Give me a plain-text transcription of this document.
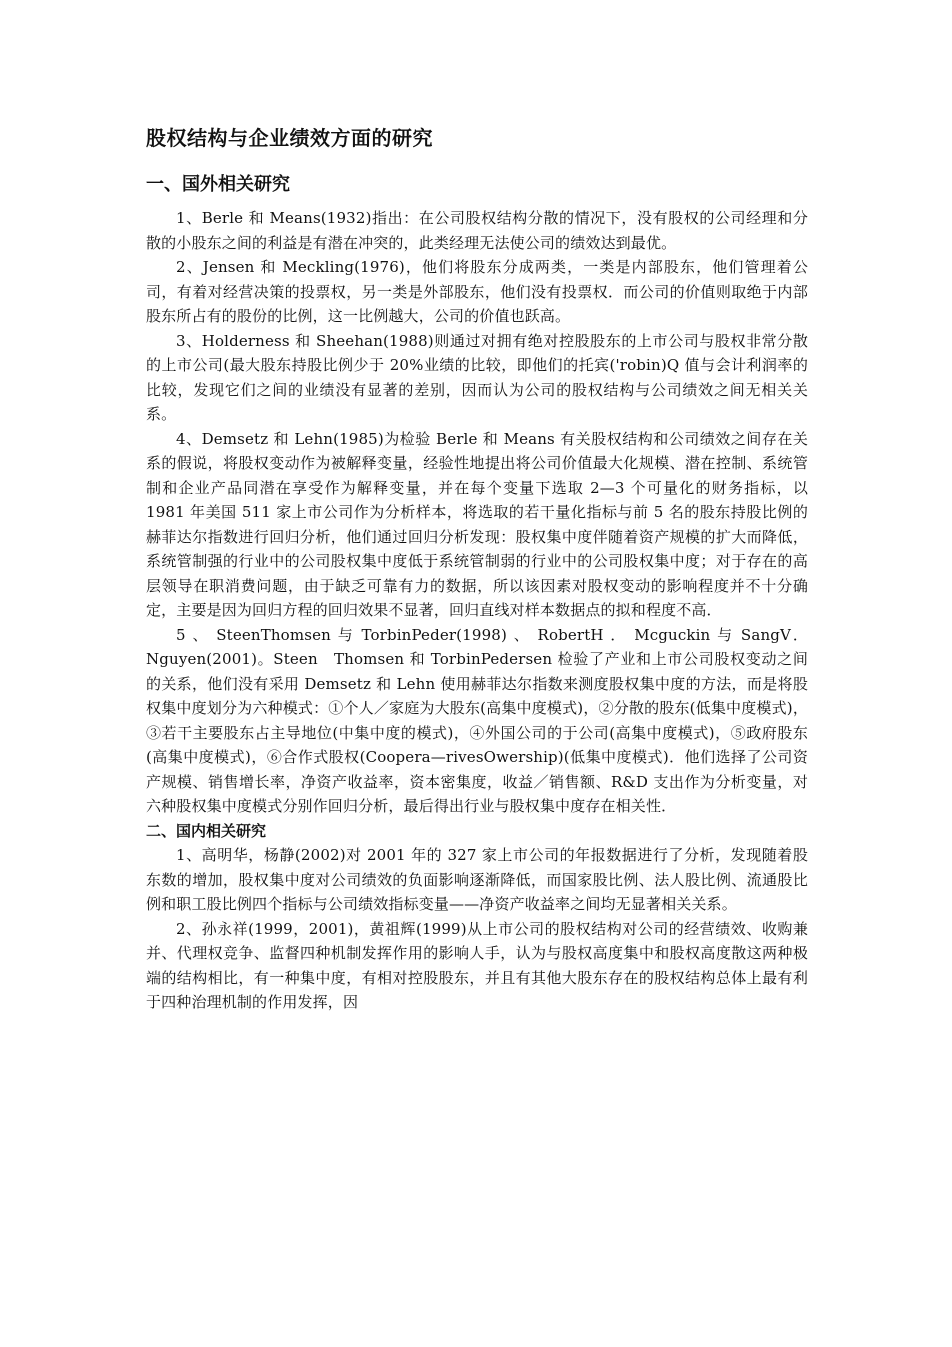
股权结构与企业绩效方面的研究
一、国外相关研究

1、Berle 和 Means(1932)指出：在公司股权结构分散的情况下，没有股权的公司经理和分散的小股东之间的利益是有潜在冲突的，此类经理无法使公司的绩效达到最优。

2、Jensen 和 Meckling(1976)，他们将股东分成两类，一类是内部股东，他们管理着公司，有着对经营决策的投票权，另一类是外部股东，他们没有投票权．而公司的价值则取绝于内部股东所占有的股份的比例，这一比例越大，公司的价值也跃高。

3、Holderness 和 Sheehan(1988)则通过对拥有绝对控股股东的上市公司与股权非常分散的上市公司(最大股东持股比例少于 20%业绩的比较，即他们的托宾('robin)Q 值与会计利润率的比较，发现它们之间的业绩没有显著的差别，因而认为公司的股权结构与公司绩效之间无相关关系。

4、Demsetz 和 Lehn(1985)为检验 Berle 和 Means 有关股权结构和公司绩效之间存在关系的假说，将股权变动作为被解释变量，经验性地提出将公司价值最大化规模、潜在控制、系统管制和企业产品同潜在享受作为解释变量，并在每个变量下选取 2—3 个可量化的财务指标，以 1981 年美国 511 家上市公司作为分析样本，将选取的若干量化指标与前 5 名的股东持股比例的赫菲达尔指数进行回归分析，他们通过回归分析发现：股权集中度伴随着资产规模的扩大而降低，系统管制强的行业中的公司股权集中度低于系统管制弱的行业中的公司股权集中度；对于存在的高层领导在职消费问题，由于缺乏可靠有力的数据，所以该因素对股权变动的影响程度并不十分确定，主要是因为回归方程的回归效果不显著，回归直线对样本数据点的拟和程度不高．

5 、 SteenThomsen 与 TorbinPeder(1998) 、 RobertH ． Mcguckin 与 SangV．Nguyen(2001)。Steen　Thomsen 和 TorbinPedersen 检验了产业和上市公司股权变动之间的关系，他们没有采用 Demsetz 和 Lehn 使用赫菲达尔指数来测度股权集中度的方法，而是将股权集中度划分为六种模式：①个人／家庭为大股东(高集中度模式)，②分散的股东(低集中度模式)，③若干主要股东占主导地位(中集中度的模式)，④外国公司的于公司(高集中度模式)，⑤政府股东(高集中度模式)，⑥合作式股权(Coopera—rivesOwership)(低集中度模式)．他们选择了公司资产规模、销售增长率，净资产收益率，资本密集度，收益／销售额、R&D 支出作为分析变量，对六种股权集中度模式分别作回归分析，最后得出行业与股权集中度存在相关性．

二、国内相关研究

1、高明华，杨静(2002)对 2001 年的 327 家上市公司的年报数据进行了分析，发现随着股东数的增加，股权集中度对公司绩效的负面影响逐渐降低，而国家股比例、法人股比例、流通股比例和职工股比例四个指标与公司绩效指标变量——净资产收益率之间均无显著相关关系。

2、孙永祥(1999，2001)，黄祖辉(1999)从上市公司的股权结构对公司的经营绩效、收购兼并、代理权竞争、监督四种机制发挥作用的影响人手，认为与股权高度集中和股权高度散这两种极端的结构相比，有一种集中度，有相对控股股东，并且有其他大股东存在的股权结构总体上最有利于四种治理机制的作用发挥，因
